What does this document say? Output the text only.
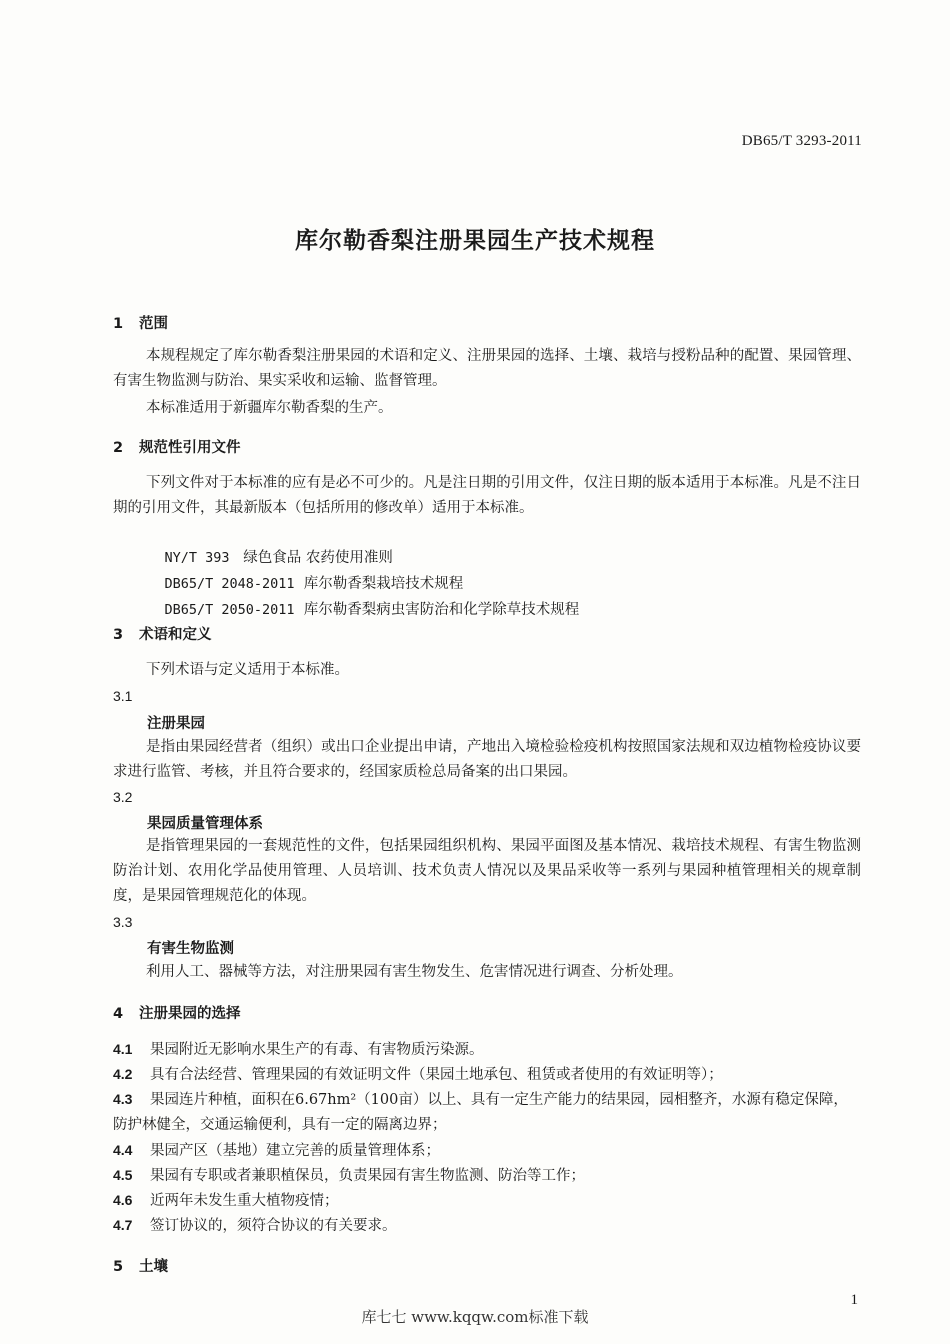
DB65/T 3293-2011
库尔勒香梨注册果园生产技术规程
1 范围
本规程规定了库尔勒香梨注册果园的术语和定义、注册果园的选择、土壤、栽培与授粉品种的配置、果园管理、有害生物监测与防治、果实采收和运输、监督管理。
本标准适用于新疆库尔勒香梨的生产。
2 规范性引用文件
下列文件对于本标准的应有是必不可少的。凡是注日期的引用文件，仅注日期的版本适用于本标准。凡是不注日期的引用文件，其最新版本（包括所用的修改单）适用于本标准。

NY/T 393 绿色食品 农药使用准则

DB65/T 2048-2011 库尔勒香梨栽培技术规程

DB65/T 2050-2011 库尔勒香梨病虫害防治和化学除草技术规程

3 术语和定义
下列术语与定义适用于本标准。
3.1
注册果园
是指由果园经营者（组织）或出口企业提出申请，产地出入境检验检疫机构按照国家法规和双边植物检疫协议要求进行监管、考核，并且符合要求的，经国家质检总局备案的出口果园。
3.2
果园质量管理体系
是指管理果园的一套规范性的文件，包括果园组织机构、果园平面图及基本情况、栽培技术规程、有害生物监测防治计划、农用化学品使用管理、人员培训、技术负责人情况以及果品采收等一系列与果园种植管理相关的规章制度，是果园管理规范化的体现。
3.3
有害生物监测
利用人工、器械等方法，对注册果园有害生物发生、危害情况进行调查、分析处理。
4 注册果园的选择
4.1 果园附近无影响水果生产的有毒、有害物质污染源。
4.2 具有合法经营、管理果园的有效证明文件（果园土地承包、租赁或者使用的有效证明等）；
4.3 果园连片种植，面积在6.67hm²（100亩）以上、具有一定生产能力的结果园，园相整齐，水源有稳定保障，防护林健全，交通运输便利，具有一定的隔离边界；
4.4 果园产区（基地）建立完善的质量管理体系；
4.5 果园有专职或者兼职植保员，负责果园有害生物监测、防治等工作；
4.6 近两年未发生重大植物疫情；
4.7 签订协议的，须符合协议的有关要求。
5 土壤
1
库七七 www.kqqw.com标准下载
